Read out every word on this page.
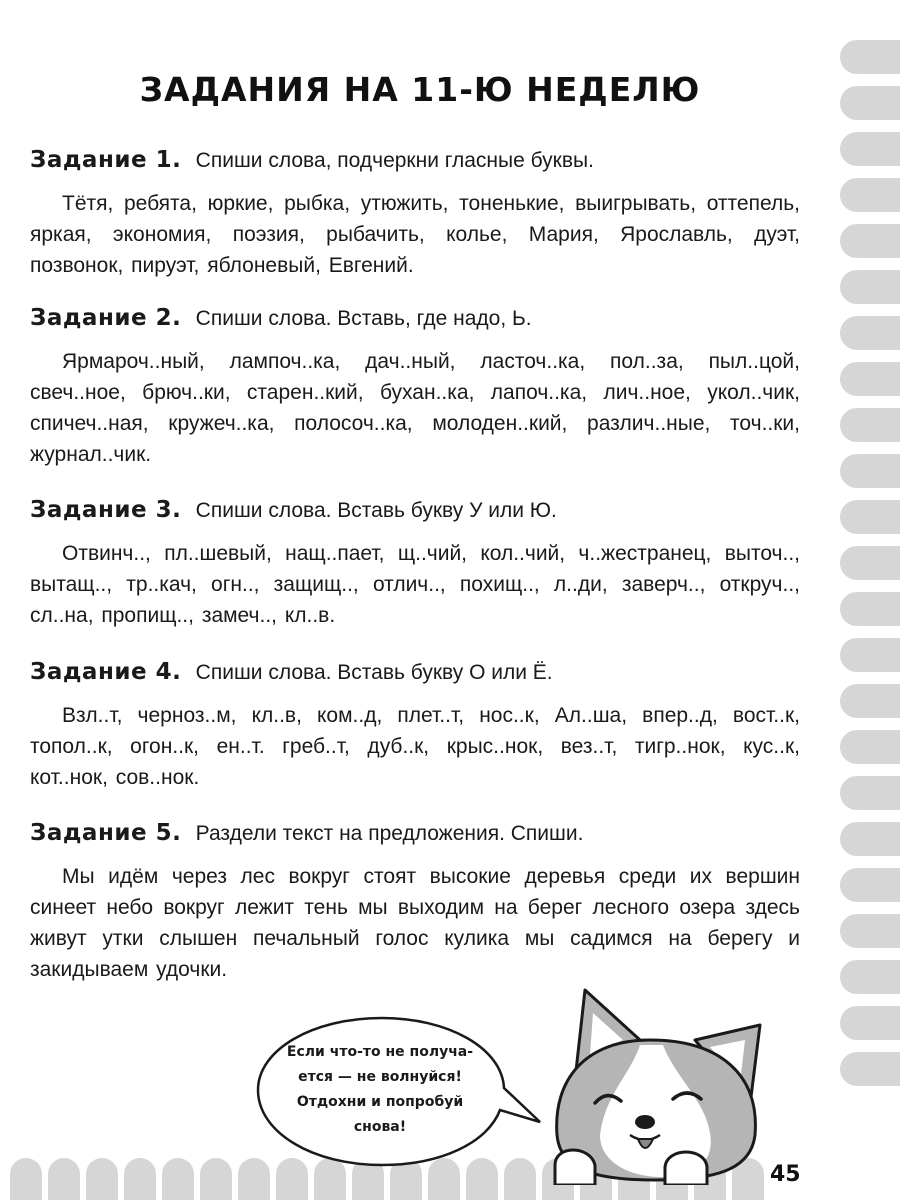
ЗАДАНИЯ НА 11-Ю НЕДЕЛЮ
Задание 1. Спиши слова, подчеркни гласные буквы.

Тётя, ребята, юркие, рыбка, утюжить, тоненькие, выигрывать, оттепель, яркая, экономия, поэзия, рыбачить, колье, Мария, Ярославль, дуэт, позвонок, пируэт, яблоневый, Евгений.

Задание 2. Спиши слова. Вставь, где надо, Ь.

Ярмароч..ный, лампоч..ка, дач..ный, ласточ..ка, пол..за, пыл..цой, свеч..ное, брюч..ки, старен..кий, бухан..ка, лапоч..ка, лич..ное, укол..чик, спичеч..ная, кружеч..ка, полосоч..ка, молоден..кий, различ..ные, точ..ки, журнал..чик.

Задание 3. Спиши слова. Вставь букву У или Ю.

Отвинч.., пл..шевый, нащ..пает, щ..чий, кол..чий, ч..жестранец, выточ.., вытащ.., тр..кач, огн.., защищ.., отлич.., похищ.., л..ди, заверч.., откруч.., сл..на, пропищ.., замеч.., кл..в.

Задание 4. Спиши слова. Вставь букву О или Ё.

Взл..т, черноз..м, кл..в, ком..д, плет..т, нос..к, Ал..ша, впер..д, вост..к, топол..к, огон..к, ен..т. греб..т, дуб..к, крыс..нок, вез..т, тигр..нок, кус..к, кот..нок, сов..нок.

Задание 5. Раздели текст на предложения. Спиши.

Мы идём через лес вокруг стоят высокие деревья среди их вершин синеет небо вокруг лежит тень мы выходим на берег лесного озера здесь живут утки слышен печальный голос кулика мы садимся на берегу и закидываем удочки.

Если что-то не получа-
ется — не волнуйся!
Отдохни и попробуй
снова!
45
